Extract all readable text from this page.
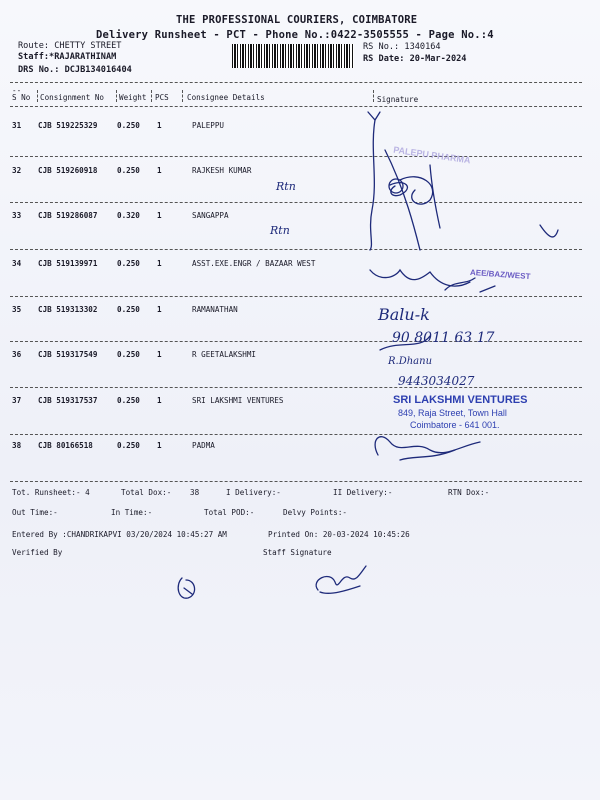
THE PROFESSIONAL COURIERS, COIMBATORE
Delivery Runsheet - PCT - Phone No.:0422-3505555 - Page No.:4
Route: CHETTY STREET
Staff:*RAJARATHINAM
DRS No.: DCJB134016404
RS No.: 1340164
RS Date: 20-Mar-2024
--
S No Consignment No Weight PCS Consignee Details	Signature
31 CJB 519225329	0.250 1	PALEPPU
32 CJB 519260918	0.250 1	RAJKESH KUMAR
33 CJB 519286087	0.320 1	SANGAPPA
34 CJB 519139971	0.250 1	ASST.EXE.ENGR / BAZAAR WEST
35 CJB 519313302	0.250 1	RAMANATHAN
36 CJB 519317549	0.250 1	R GEETALAKSHMI
37 CJB 519317537	0.250 1	SRI LAKSHMI VENTURES
38 CJB 80166518	0.250 1	PADMA
Rtn
Rtn
Balu-k
90 8011 63 17
R.Dhanu
9443034027
PALEPU PHARMA
AEE/BAZ/WEST
SRI LAKSHMI VENTURES
849, Raja Street, Town Hall
Coimbatore - 641 001.
Tot. Runsheet:- 4	Total Dox:- 38	I Delivery:-	II Delivery:-	RTN Dox:-
Out Time:-	In Time:-	Total POD:-	Delvy Points:-
Entered By :CHANDRIKAPVI 03/20/2024 10:45:27 AM	Printed On: 20-03-2024 10:45:26
Verified By	Staff Signature
